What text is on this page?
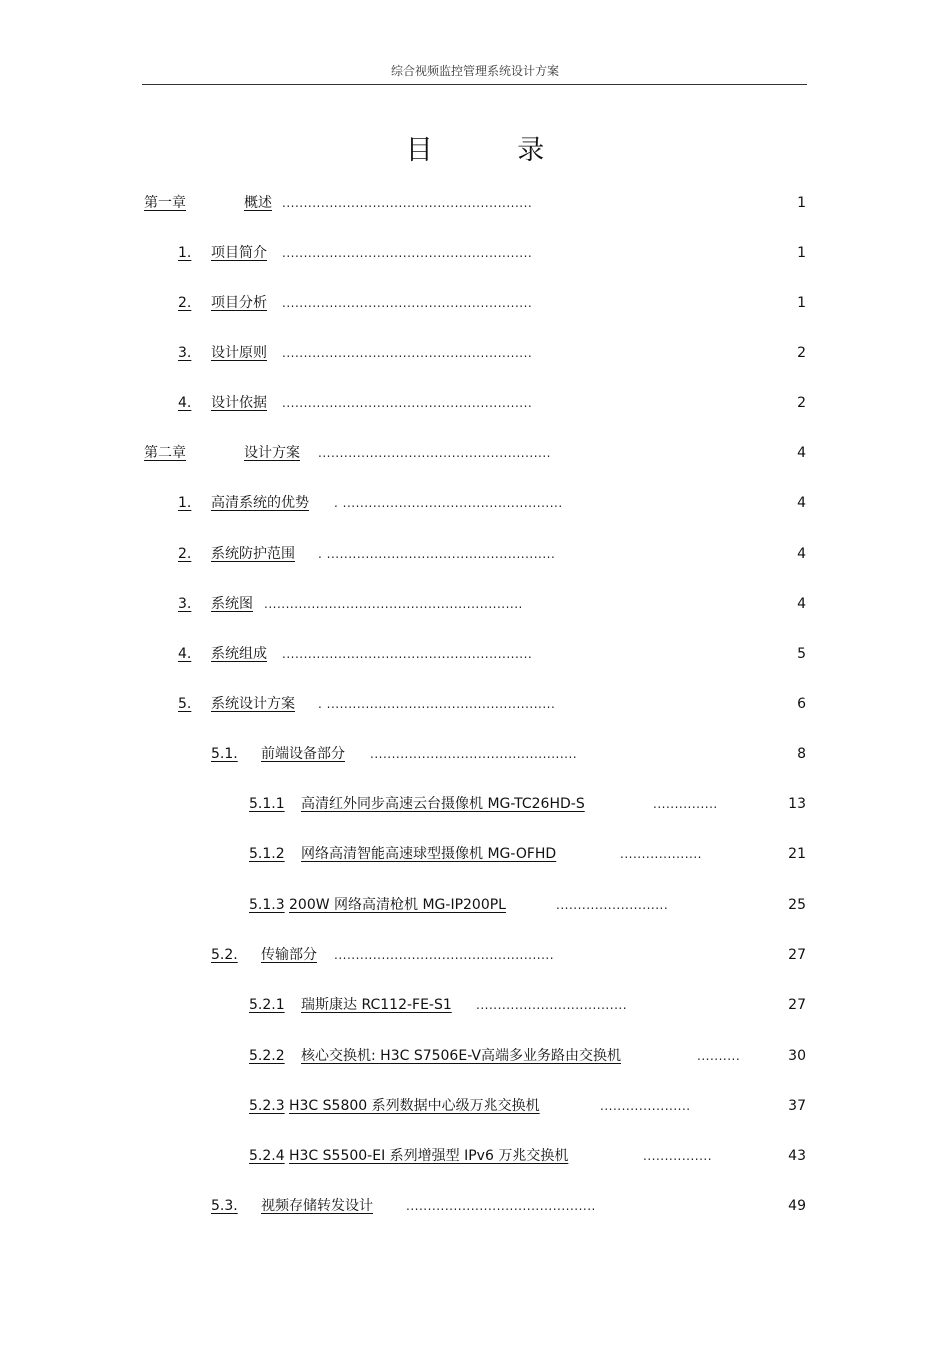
综合视频监控管理系统设计方案
目 录
第一章	概述 ..........................................................	1
1. 项目简介 ..........................................................	1
2. 项目分析 ..........................................................	1
3. 设计原则 ..........................................................	2
4. 设计依据 ..........................................................	2
第二章	设计方案 ......................................................	4
1. 高清系统的优势 . ...................................................	4
2. 系统防护范围 . .....................................................	4
3. 系统图 ............................................................	4
4. 系统组成 ..........................................................	5
5. 系统设计方案 . .....................................................	6
5.1. 前端设备部分 ................................................	8
5.1.1 高清红外同步高速云台摄像机 MG-TC26HD-S	...............	13
5.1.2 网络高清智能高速球型摄像机 MG-OFHD	...................	21
5.1.3 200W 网络高清枪机 MG-IP200PL	..........................	25
5.2. 传输部分 ...................................................	27
5.2.1 瑞斯康达 RC112-FE-S1 ...................................	27
5.2.2 核心交换机: H3C S7506E-V高端多业务路由交换机	..........	30
5.2.3 H3C S5800 系列数据中心级万兆交换机	.....................	37
5.2.4 H3C S5500-EI 系列增强型 IPv6 万兆交换机	................	43
5.3. 视频存储转发设计	............................................	49
